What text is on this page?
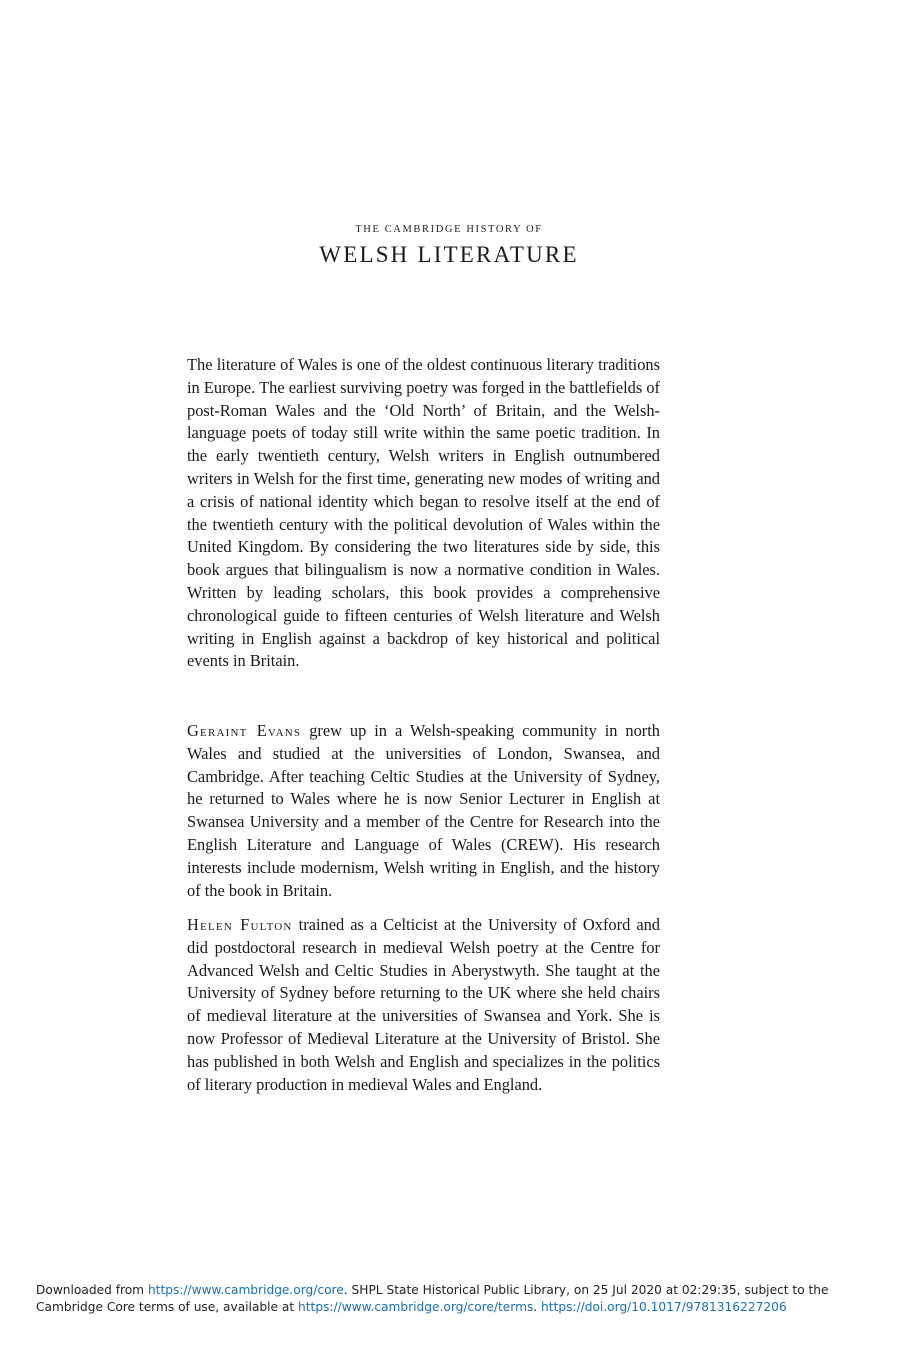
THE CAMBRIDGE HISTORY OF
WELSH LITERATURE

The literature of Wales is one of the oldest continuous literary traditions in Europe. The earliest surviving poetry was forged in the battlefields of post-Roman Wales and the ‘Old North’ of Britain, and the Welsh-language poets of today still write within the same poetic tradition. In the early twentieth century, Welsh writers in English outnumbered writers in Welsh for the first time, generating new modes of writing and a crisis of national identity which began to resolve itself at the end of the twentieth century with the political devolution of Wales within the United Kingdom. By considering the two literatures side by side, this book argues that bilingualism is now a normative condition in Wales. Written by leading scholars, this book provides a comprehensive chronological guide to fifteen centuries of Welsh literature and Welsh writing in English against a backdrop of key historical and political events in Britain.

Geraint Evans grew up in a Welsh-speaking community in north Wales and studied at the universities of London, Swansea, and Cambridge. After teaching Celtic Studies at the University of Sydney, he returned to Wales where he is now Senior Lecturer in English at Swansea University and a member of the Centre for Research into the English Literature and Language of Wales (CREW). His research interests include modernism, Welsh writing in English, and the history of the book in Britain.

Helen Fulton trained as a Celticist at the University of Oxford and did postdoctoral research in medieval Welsh poetry at the Centre for Advanced Welsh and Celtic Studies in Aberystwyth. She taught at the University of Sydney before returning to the UK where she held chairs of medieval literature at the universities of Swansea and York. She is now Professor of Medieval Literature at the University of Bristol. She has published in both Welsh and English and specializes in the politics of literary production in medieval Wales and England.

Downloaded from https://www.cambridge.org/core. SHPL State Historical Public Library, on 25 Jul 2020 at 02:29:35, subject to the Cambridge Core terms of use, available at https://www.cambridge.org/core/terms. https://doi.org/10.1017/9781316227206
